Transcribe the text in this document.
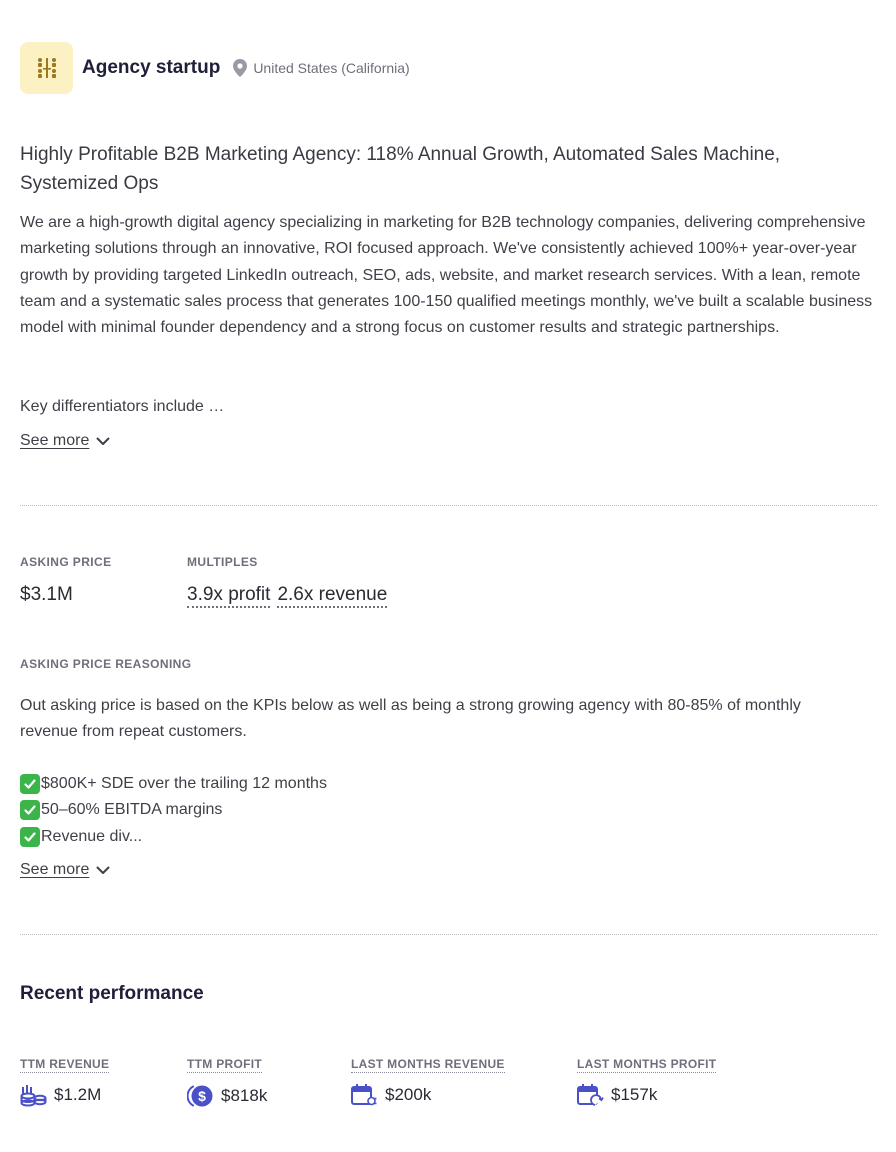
Agency startup United States (California)
Highly Profitable B2B Marketing Agency: 118% Annual Growth, Automated Sales Machine, Systemized Ops

We are a high-growth digital agency specializing in marketing for B2B technology companies, delivering comprehensive marketing solutions through an innovative, ROI focused approach. We've consistently achieved 100%+ year-over-year growth by providing targeted LinkedIn outreach, SEO, ads, website, and market research services. With a lean, remote team and a systematic sales process that generates 100-150 qualified meetings monthly, we've built a scalable business model with minimal founder dependency and a strong focus on customer results and strategic partnerships.

Key differentiators include …

See more
ASKING PRICE
$3.1M
MULTIPLES
3.9x profit 2.6x revenue
ASKING PRICE REASONING

Out asking price is based on the KPIs below as well as being a strong growing agency with 80-85% of monthly revenue from repeat customers.

$800K+ SDE over the trailing 12 months
50–60% EBITDA margins
Revenue div...
See more
Recent performance
TTM REVENUE
$1.2M
TTM PROFIT
$ $818k
LAST MONTHS REVENUE
$200k
LAST MONTHS PROFIT
$157k
